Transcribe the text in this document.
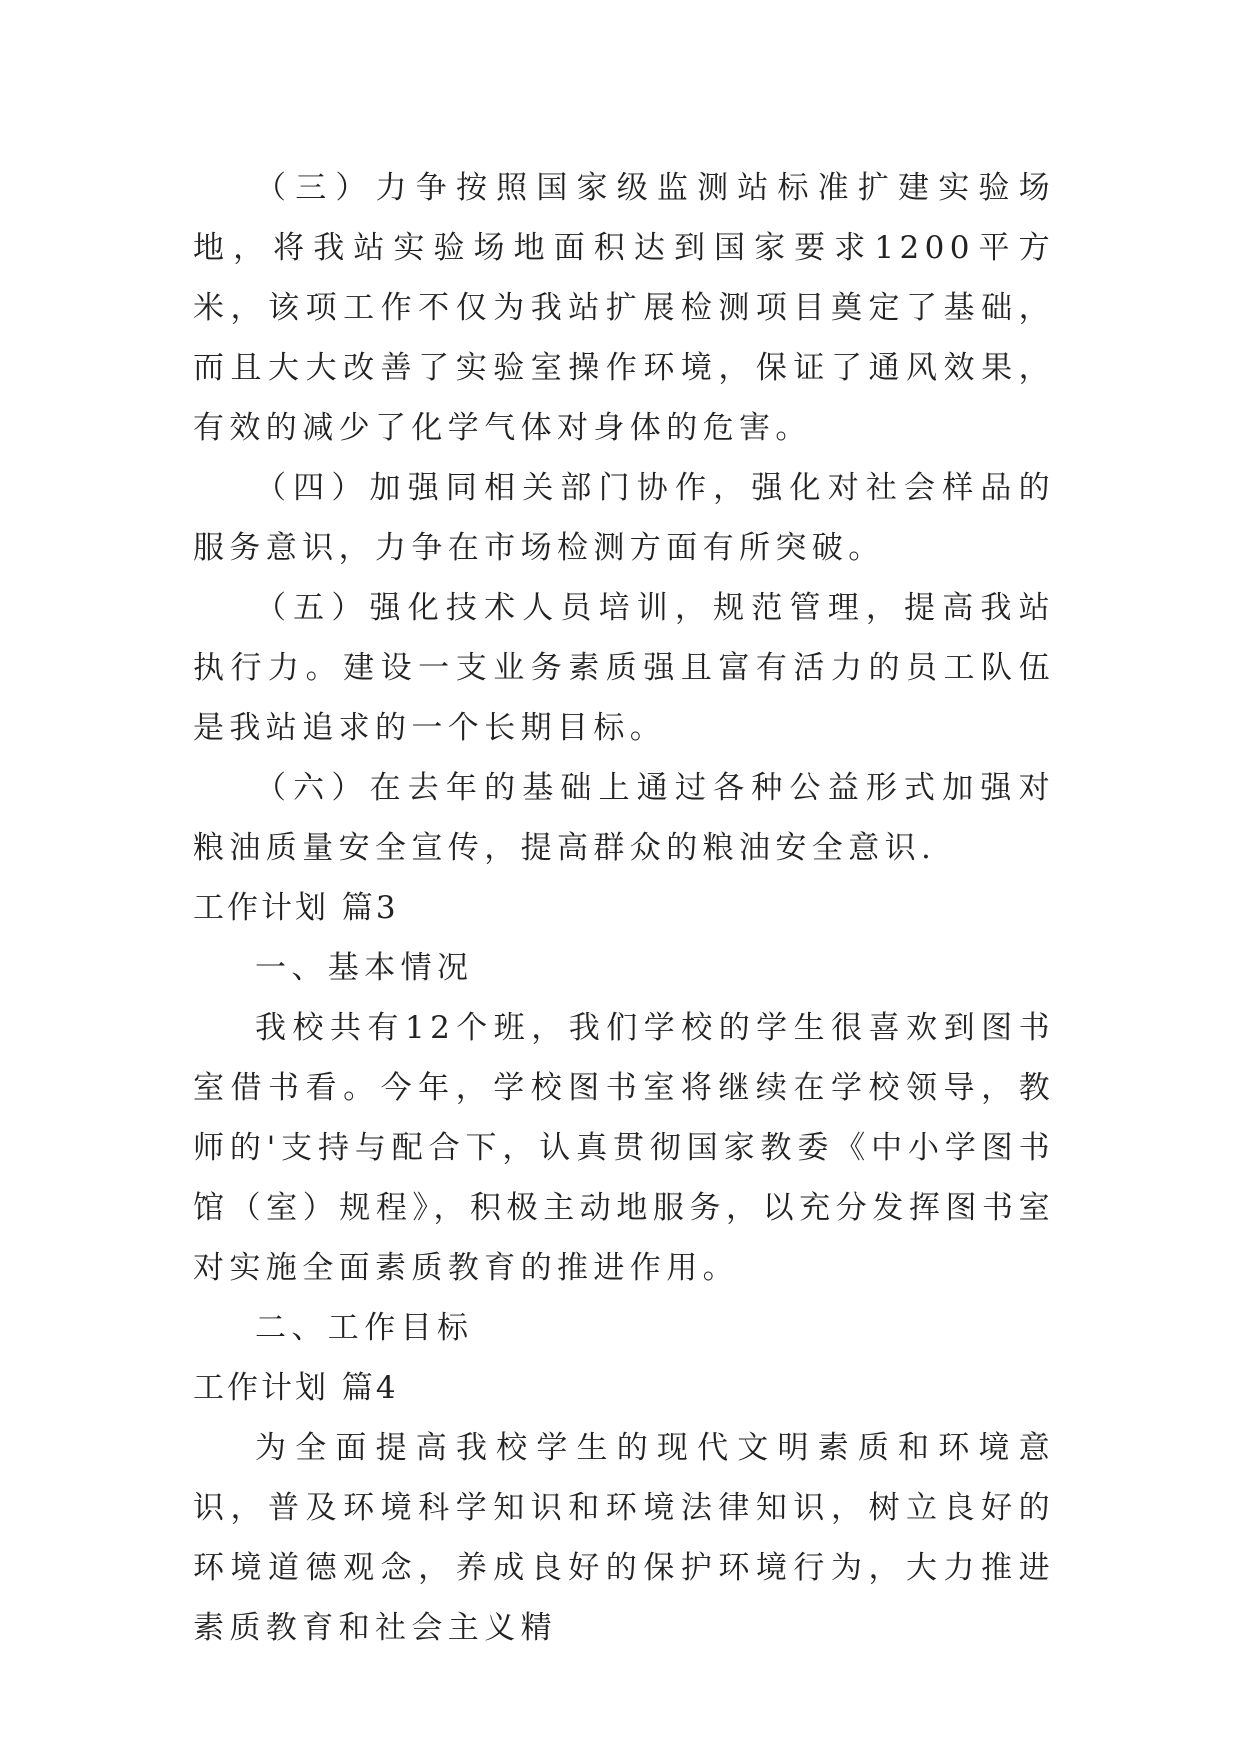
（三）力争按照国家级监测站标准扩建实验场地，将我站实验场地面积达到国家要求1200平方米，该项工作不仅为我站扩展检测项目奠定了基础，而且大大改善了实验室操作环境，保证了通风效果，有效的减少了化学气体对身体的危害。

（四）加强同相关部门协作，强化对社会样品的服务意识，力争在市场检测方面有所突破。

（五）强化技术人员培训，规范管理，提高我站执行力。建设一支业务素质强且富有活力的员工队伍是我站追求的一个长期目标。

（六）在去年的基础上通过各种公益形式加强对粮油质量安全宣传，提高群众的粮油安全意识.

工作计划 篇3

一、基本情况

我校共有12个班，我们学校的学生很喜欢到图书室借书看。今年，学校图书室将继续在学校领导，教师的'支持与配合下，认真贯彻国家教委《中小学图书馆（室）规程》，积极主动地服务，以充分发挥图书室对实施全面素质教育的推进作用。

二、工作目标

工作计划 篇4

为全面提高我校学生的现代文明素质和环境意识，普及环境科学知识和环境法律知识，树立良好的环境道德观念，养成良好的保护环境行为，大力推进素质教育和社会主义精
